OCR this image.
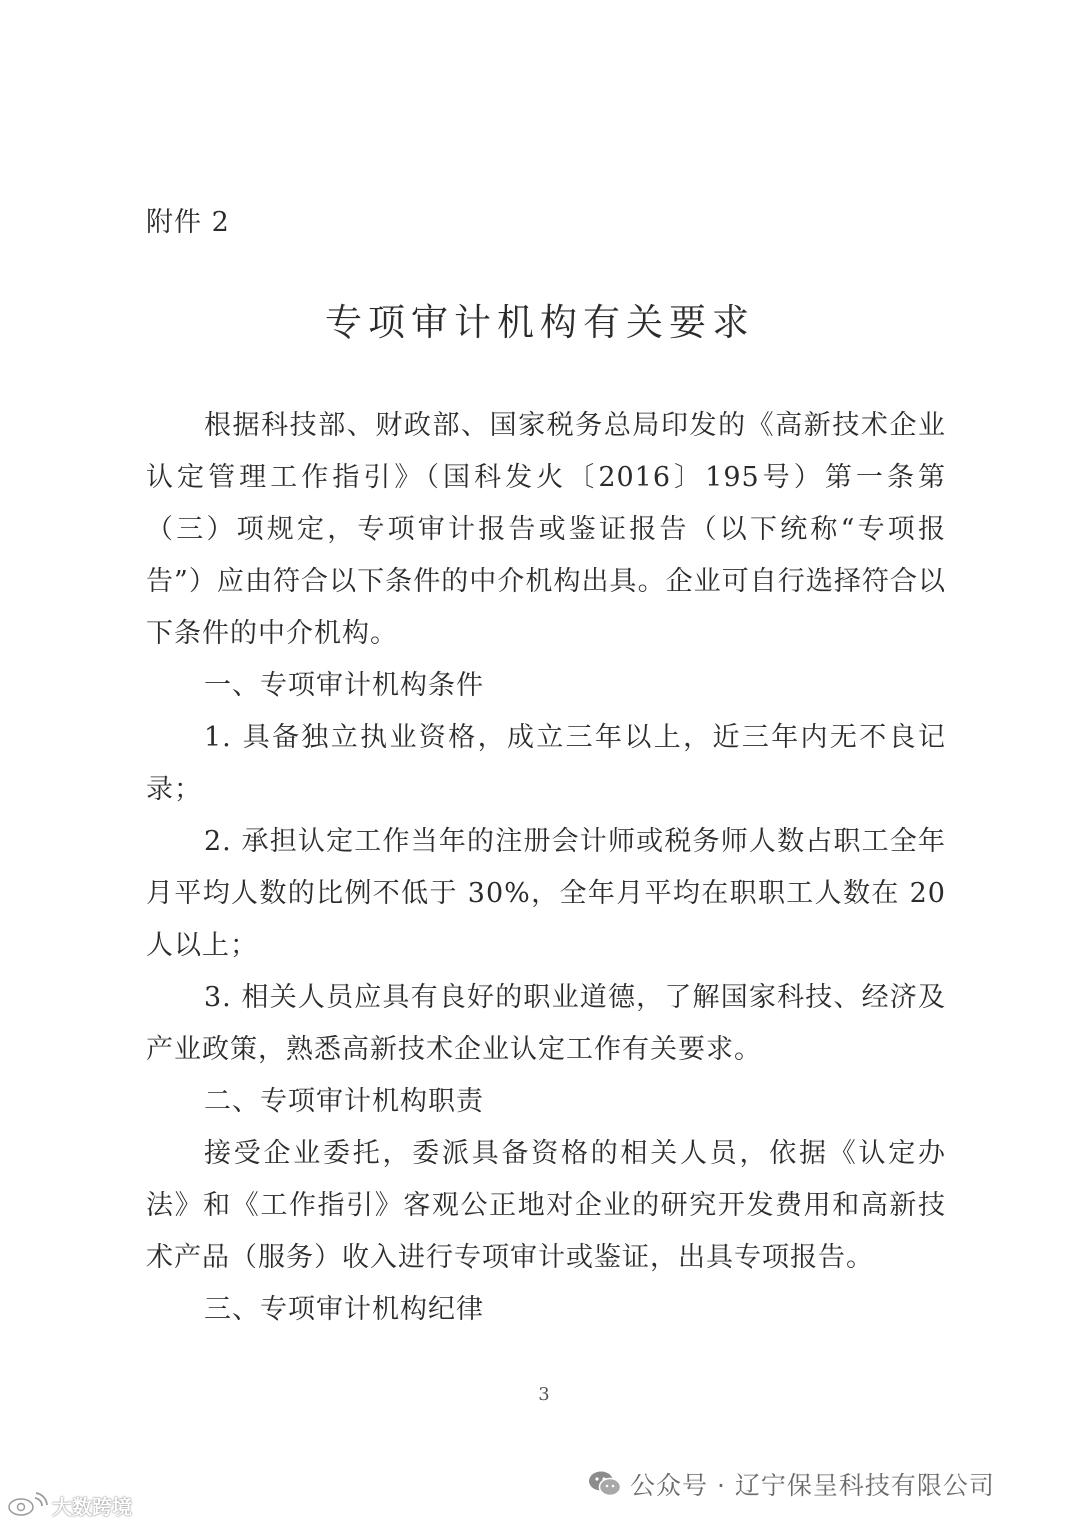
附件 2
专项审计机构有关要求

根据科技部、财政部、国家税务总局印发的《高新技术企业认定管理工作指引》（国科发火〔2016〕195号）第一条第（三）项规定，专项审计报告或鉴证报告（以下统称“专项报告”）应由符合以下条件的中介机构出具。企业可自行选择符合以下条件的中介机构。

一、专项审计机构条件

1. 具备独立执业资格，成立三年以上，近三年内无不良记录；

2. 承担认定工作当年的注册会计师或税务师人数占职工全年月平均人数的比例不低于 30%，全年月平均在职职工人数在 20 人以上；

3. 相关人员应具有良好的职业道德，了解国家科技、经济及产业政策，熟悉高新技术企业认定工作有关要求。

二、专项审计机构职责

接受企业委托，委派具备资格的相关人员，依据《认定办法》和《工作指引》客观公正地对企业的研究开发费用和高新技术产品（服务）收入进行专项审计或鉴证，出具专项报告。

三、专项审计机构纪律

3
公众号 · 辽宁保呈科技有限公司
大数跨境
